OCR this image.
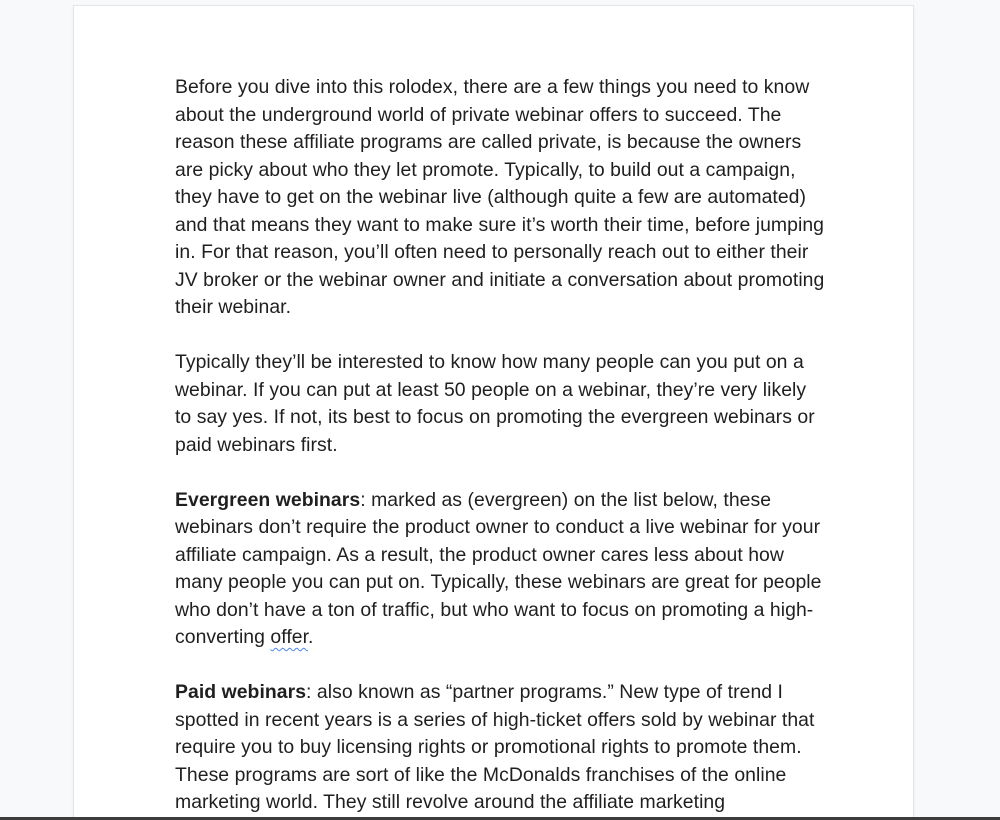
Before you dive into this rolodex, there are a few things you need to know about the underground world of private webinar offers to succeed. The reason these affiliate programs are called private, is because the owners are picky about who they let promote. Typically, to build out a campaign, they have to get on the webinar live (although quite a few are automated) and that means they want to make sure it’s worth their time, before jumping in. For that reason, you’ll often need to personally reach out to either their JV broker or the webinar owner and initiate a conversation about promoting their webinar.

Typically they’ll be interested to know how many people can you put on a webinar. If you can put at least 50 people on a webinar, they’re very likely to say yes. If not, its best to focus on promoting the evergreen webinars or paid webinars first.

Evergreen webinars: marked as (evergreen) on the list below, these webinars don’t require the product owner to conduct a live webinar for your affiliate campaign. As a result, the product owner cares less about how many people you can put on. Typically, these webinars are great for people who don’t have a ton of traffic, but who want to focus on promoting a high-converting offer.

Paid webinars: also known as “partner programs.” New type of trend I spotted in recent years is a series of high-ticket offers sold by webinar that require you to buy licensing rights or promotional rights to promote them. These programs are sort of like the McDonalds franchises of the online marketing world. They still revolve around the affiliate marketing
